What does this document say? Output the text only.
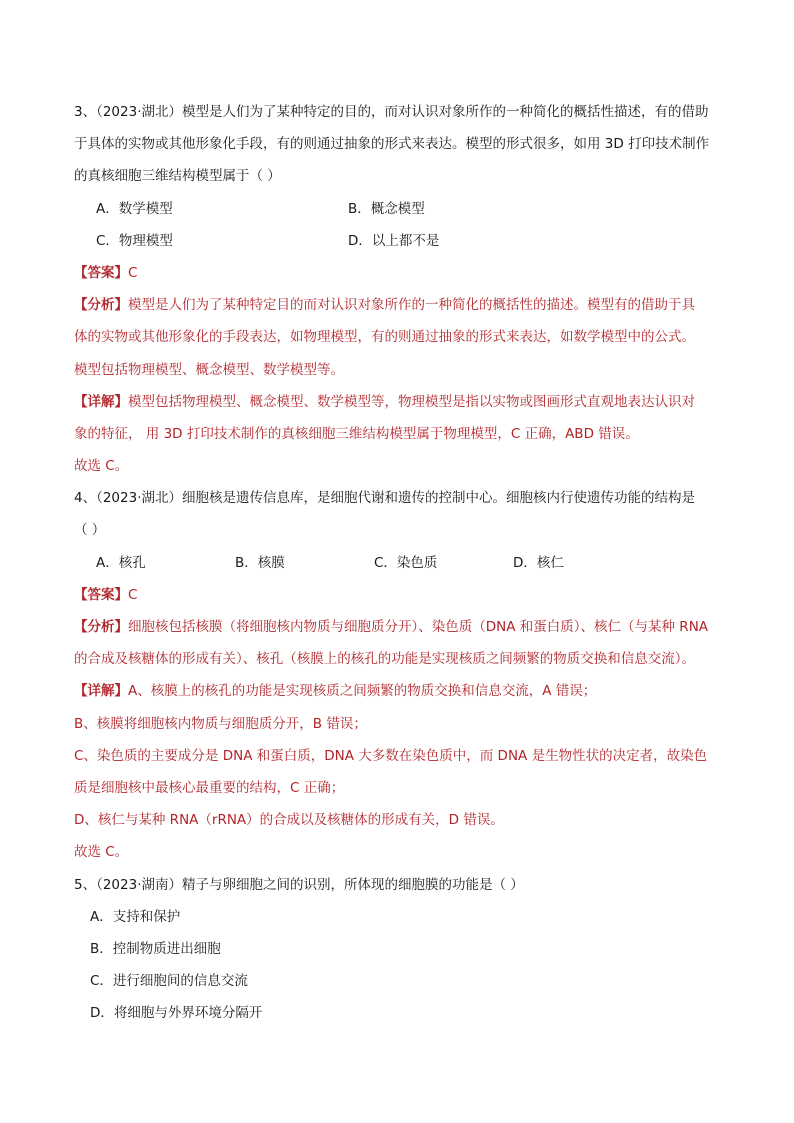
3、（2023·湖北）模型是人们为了某种特定的目的，而对认识对象所作的一种简化的概括性描述，有的借助
于具体的实物或其他形象化手段，有的则通过抽象的形式来表达。模型的形式很多，如用 3D 打印技术制作
的真核细胞三维结构模型属于（ ）
A．数学模型	B．概念模型
C．物理模型	D．以上都不是
【答案】C
【分析】模型是人们为了某种特定目的而对认识对象所作的一种简化的概括性的描述。模型有的借助于具
体的实物或其他形象化的手段表达，如物理模型，有的则通过抽象的形式来表达，如数学模型中的公式。
模型包括物理模型、概念模型、数学模型等。
【详解】模型包括物理模型、概念模型、数学模型等，物理模型是指以实物或图画形式直观地表达认识对
象的特征， 用 3D 打印技术制作的真核细胞三维结构模型属于物理模型，C 正确，ABD 错误。
故选 C。
4、（2023·湖北）细胞核是遗传信息库，是细胞代谢和遗传的控制中心。细胞核内行使遗传功能的结构是
（ ）
A．核孔	B．核膜	C．染色质	D．核仁
【答案】C
【分析】细胞核包括核膜（将细胞核内物质与细胞质分开）、染色质（DNA 和蛋白质）、核仁（与某种 RNA
的合成及核糖体的形成有关）、核孔（核膜上的核孔的功能是实现核质之间频繁的物质交换和信息交流）。
【详解】A、核膜上的核孔的功能是实现核质之间频繁的物质交换和信息交流，A 错误；
B、核膜将细胞核内物质与细胞质分开，B 错误；
C、染色质的主要成分是 DNA 和蛋白质，DNA 大多数在染色质中，而 DNA 是生物性状的决定者，故染色
质是细胞核中最核心最重要的结构，C 正确；
D、核仁与某种 RNA（rRNA）的合成以及核糖体的形成有关，D 错误。
故选 C。
5、（2023·湖南）精子与卵细胞之间的识别，所体现的细胞膜的功能是（ ）
A．支持和保护
B．控制物质进出细胞
C．进行细胞间的信息交流
D．将细胞与外界环境分隔开
